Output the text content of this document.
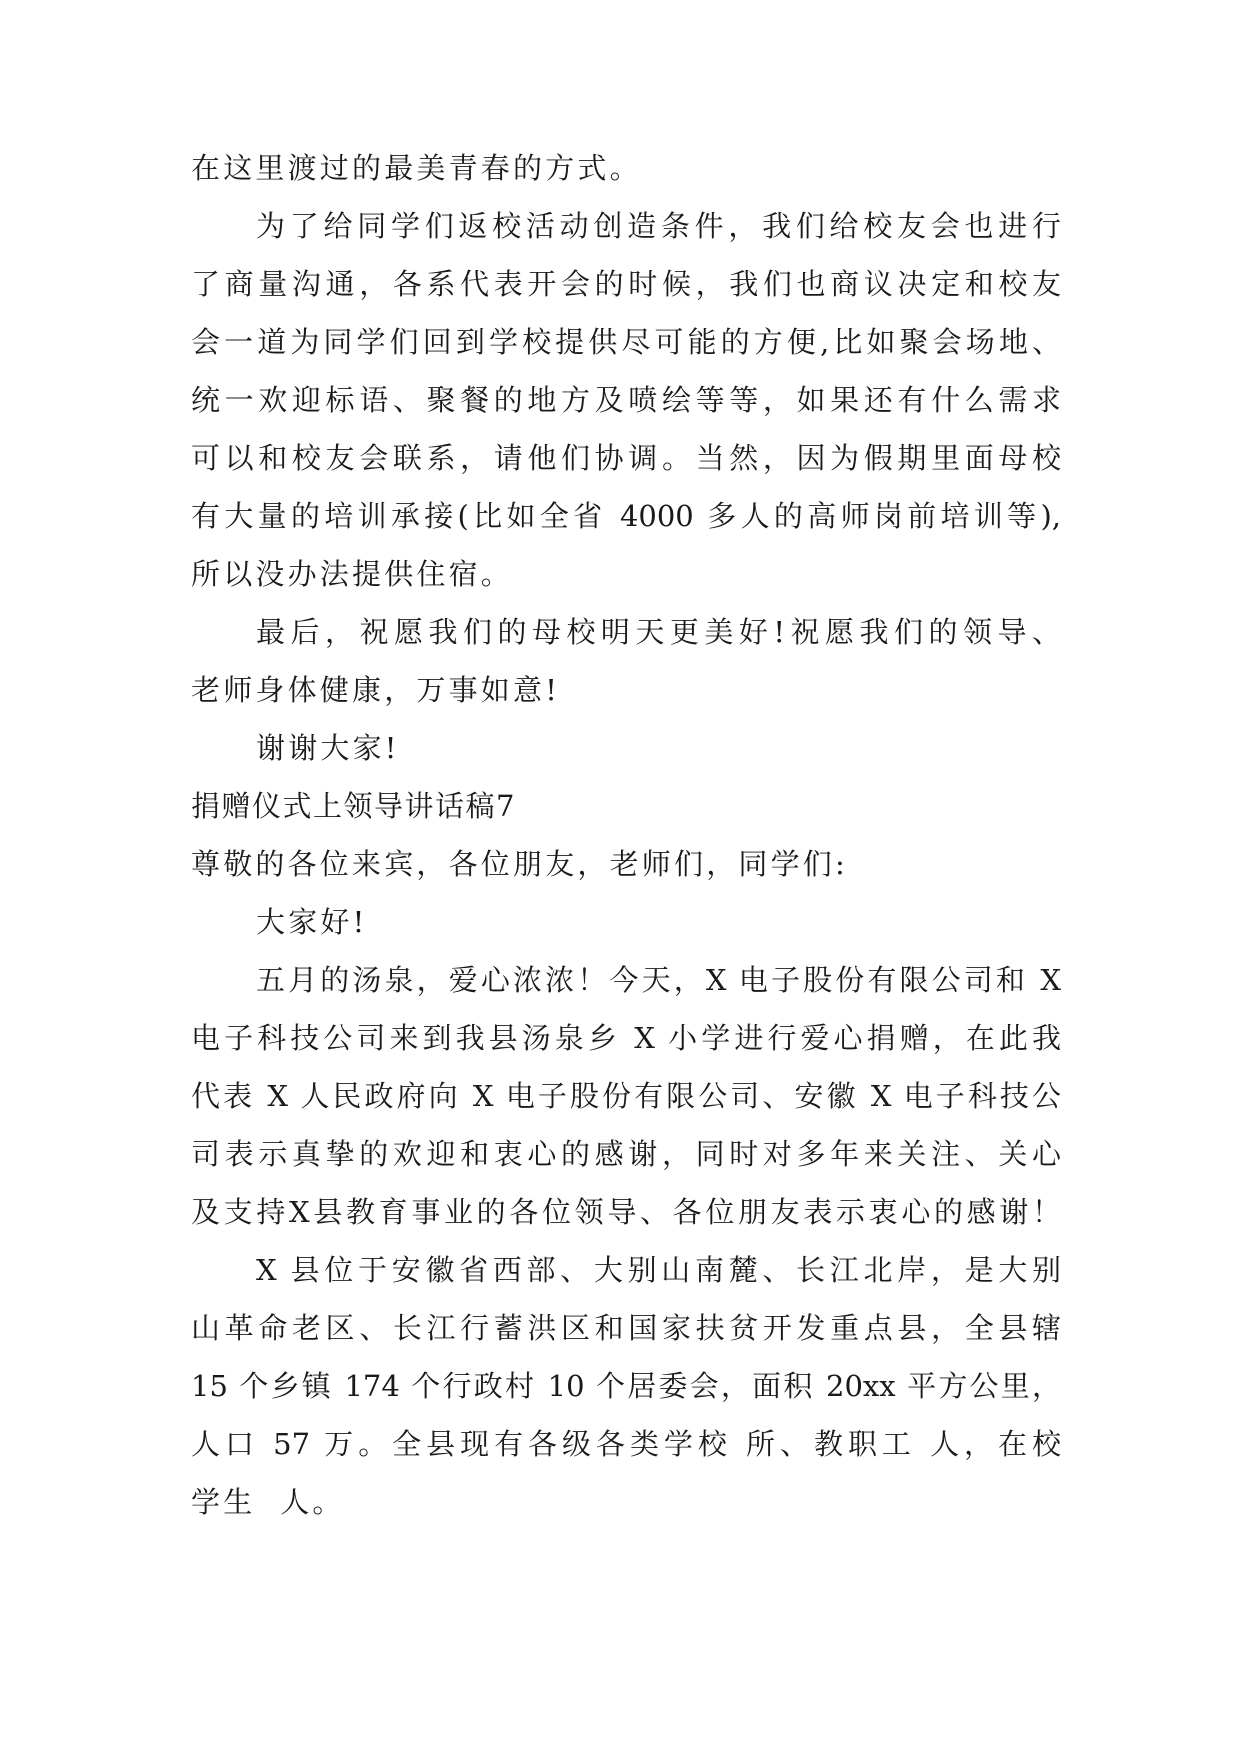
在这里渡过的最美青春的方式。
为了给同学们返校活动创造条件，我们给校友会也进行
了商量沟通，各系代表开会的时候，我们也商议决定和校友
会一道为同学们回到学校提供尽可能的方便,比如聚会场地、
统一欢迎标语、聚餐的地方及喷绘等等，如果还有什么需求
可以和校友会联系，请他们协调。当然，因为假期里面母校
有大量的培训承接(比如全省 4000 多人的高师岗前培训等),
所以没办法提供住宿。
最后，祝愿我们的母校明天更美好!祝愿我们的领导、
老师身体健康，万事如意!
谢谢大家!
捐赠仪式上领导讲话稿7
尊敬的各位来宾，各位朋友，老师们，同学们:
大家好!
五月的汤泉，爱心浓浓！今天，X 电子股份有限公司和 X
电子科技公司来到我县汤泉乡 X 小学进行爱心捐赠，在此我
代表 X 人民政府向 X 电子股份有限公司、安徽 X 电子科技公
司表示真挚的欢迎和衷心的感谢，同时对多年来关注、关心
及支持X县教育事业的各位领导、各位朋友表示衷心的感谢！
X 县位于安徽省西部、大别山南麓、长江北岸，是大别
山革命老区、长江行蓄洪区和国家扶贫开发重点县，全县辖
15 个乡镇 174 个行政村 10 个居委会，面积 20xx 平方公里，
人口 57 万。全县现有各级各类学校 所、教职工 人，在校
学生  人。
